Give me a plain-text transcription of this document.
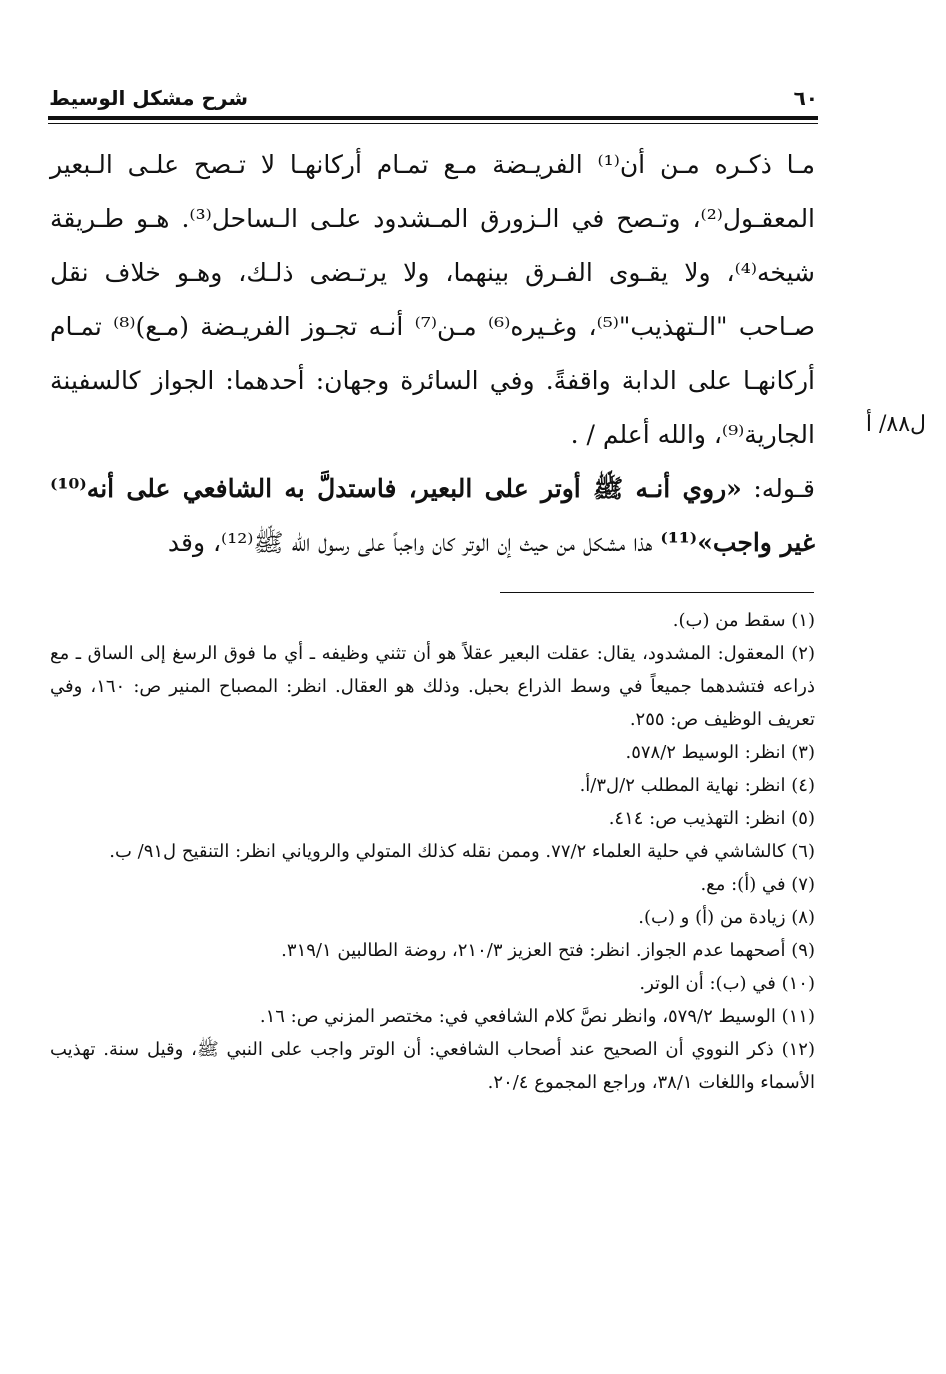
٦٠
شرح مشكل الوسيط
ل٨٨/ أ

مـا ذكـره مـن أن⁽¹⁾ الفريـضة مـع تمـام أركانهـا لا تـصح علـى الـبعير المعقـول⁽²⁾، وتـصح في الـزورق المـشدود علـى الـساحل⁽³⁾. هـو طـريقة شيخه⁽⁴⁾، ولا يقـوى الفـرق بينهما، ولا يرتـضى ذلـك، وهـو خلاف نقل صـاحب "الـتهذيب"⁽⁵⁾، وغـيره⁽⁶⁾ مـن⁽⁷⁾ أنـه تجـوز الفريـضة (مـع)⁽⁸⁾ تمـام أركانهـا على الدابة واقفةً. وفي السائرة وجهان: أحدهما: الجواز كالسفينة الجارية⁽⁹⁾، والله أعلم / .

قـوله: «روي أنـه ﷺ أوتر على البعير، فاستدلَّ به الشافعي على أنه⁽¹⁰⁾ غير واجب»⁽¹¹⁾ هذا مشكل من حيث إن الوتر كان واجباً على رسول الله ﷺ⁽¹²⁾، وقد

(١) سقط من (ب).

(٢) المعقول: المشدود، يقال: عقلت البعير عقلاً هو أن تثني وظيفه ـ أي ما فوق الرسغ إلى الساق ـ مع ذراعه فتشدهما جميعاً في وسط الذراع بحبل. وذلك هو العقال. انظر: المصباح المنير ص: ١٦٠، وفي تعريف الوظيف ص: ٢٥٥.

(٣) انظر: الوسيط ٥٧٨/٢.

(٤) انظر: نهاية المطلب ٢/ل٣/أ.

(٥) انظر: التهذيب ص: ٤١٤.

(٦) كالشاشي في حلية العلماء ٧٧/٢. وممن نقله كذلك المتولي والروياني انظر: التنقيح ل٩١/ ب.

(٧) في (أ): مع.

(٨) زيادة من (أ) و (ب).

(٩) أصحهما عدم الجواز. انظر: فتح العزيز ٢١٠/٣، روضة الطالبين ٣١٩/١.

(١٠) في (ب): أن الوتر.

(١١) الوسيط ٥٧٩/٢، وانظر نصَّ كلام الشافعي في: مختصر المزني ص: ١٦.

(١٢) ذكر النووي أن الصحيح عند أصحاب الشافعي: أن الوتر واجب على النبي ﷺ، وقيل سنة. تهذيب الأسماء واللغات ٣٨/١، وراجع المجموع ٢٠/٤.
